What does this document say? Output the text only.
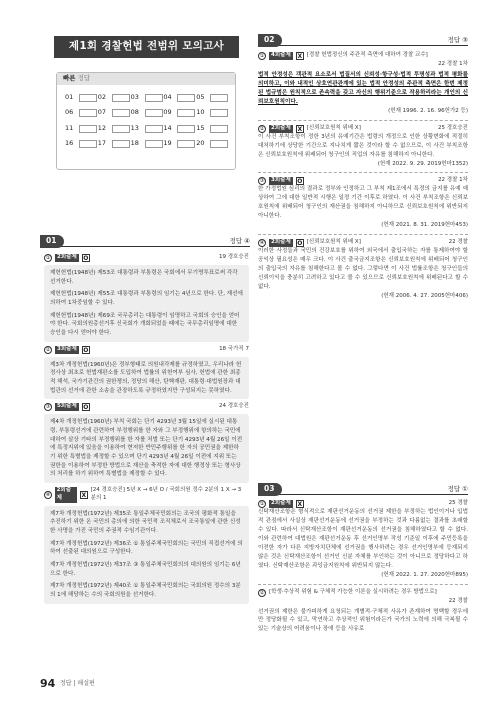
제1회 경찰헌법 전범위 모의고사
빠른 정답
01	02	03	04	05
06	07	08	09	10
11	12	13	14	15
16	17	18	19	20
01	정답 ④
①	2회출제	O	19 경호승진

제헌헌법(1948년) 제53조 대통령과 부통령은 국회에서 무기명투표로써 각각 선거한다.

제헌헌법(1948년) 제55조 대통령과 부통령의 임기는 4년으로 한다. 단, 재선에 의하여 1차중임할 수 있다.

제헌헌법(1948년) 제69조 국무총리는 대통령이 임명하고 국회의 승인을 얻어야 한다. 국회의원총선거후 신국회가 개회되었을 때에는 국무총리임명에 대한 승인을 다시 얻어야 한다.

②	3회출제	O	18 국가직 7

제3차 개정헌법(1960년)은 정부형태로 의원내각제를 규정하였고, 우리나라 헌정사상 최초로 헌법재판소를 도입하여 법률의 위헌여부 심사, 헌법에 관한 최종적 해석, 국가기관간의 권한쟁의, 정당의 해산, 탄핵재판, 대통령·대법원장과 대법관의 선거에 관한 소송을 관장하도록 규정하였지만 구성되지는 못하였다.

③	5회출제	O	24 경호승진

제4차 개정헌법(1960년) 부칙 국회는 단기 4293년 3월 15일에 실시된 대통령, 부통령선거에 관련하여 부정행위를 한 자와 그 부정행위에 항의하는 국민에 대하여 살상 기타의 부정행위를 한 자를 처벌 또는 단기 4293년 4월 26일 이전에 특정지위에 있음을 이용하여 현저한 반민주행위를 한 자의 공민권을 제한하기 위한 특별법을 제정할 수 있으며 단기 4293년 4월 26일 이전에 지위 또는 권한을 이용하여 부정한 방법으로 재산을 축적한 자에 대한 행정상 또는 형사상의 처리를 하기 위하여 특별법을 제정할 수 있다.

④
2회출제	X
[24 경호승진] 5년 X → 6년 O / 국회의원 정수 2분의 1 X → 3분의 1

제7차 개정헌법(1972년) 제35조 통일주체국민회의는 조국의 평화적 통일을 추진하기 위한 온 국민의 총의에 의한 국민적 조직체로서 조국통일에 관한 신성한 사명을 가진 국민의 주권적 수임기관이다.

제7차 개정헌법(1972년) 제36조 ① 통일주체국민회의는 국민의 직접선거에 의하여 선출된 대의원으로 구성한다.

제7차 개정헌법(1972년) 제37조 ③ 통일주체국민회의의 대의원의 임기는 6년으로 한다.

제7차 개정헌법(1972년) 제40조 ① 통일주체국민회의는 국회의원 정수의 3분의 1에 해당하는 수의 국회의원을 선거한다.

02	정답 ③
①	4회출제	X [경찰 헌법정신의 주관적 측면에 대하여 경찰 교수]
22 경찰 1차
법적 안정성은 객관적 요소로서 법질서의 신뢰성·항구성·법적 투명성과 법적 평화를 의미하고, 이와 내적인 상호연관관계에 있는 법적 안정성의 주관적 측면은 한번 제정된 법규범은 원칙적으로 존속력을 갖고 자신의 행위기준으로 작용하리라는 개인의 신뢰보호원칙이다.
(헌재 1996. 2. 16. 96헌가2 등)
②	2회출제	X [신뢰보호원칙 위배 X]	25 경호승진
이 사건 부칙조항이 정한 3년의 유예기간은 법령의 개정으로 인한 상황변화에 적절히 대처하기에 상당한 기간으로 지나치게 짧은 것이라 할 수 없으므로, 이 사건 부칙조항은 신뢰보호원칙에 위배되어 청구인의 직업의 자유를 침해하지 아니한다.
(헌재 2022. 9. 29. 2019헌마1352)
③	3회출제	O	22 경찰 1차
한 가정법원 심리의 결과로 정부와 인정하고 그 부칙 제1조에서 특정의 금지를 유예 예상하여 그에 대한 일반적 시행은 일정 기간 이후로 하였다. 이 사건 부칙조항은 신뢰보호원칙에 위배되어 청구인의 재산권을 침해하지 아니하므로 신뢰보호원칙에 위반되지 아니한다.
(헌재 2021. 8. 31. 2019헌마453)
④	2회출제	O [신뢰보호원칙 위배 X]	22 경찰
이러한 사정들과 국민의 건강보호를 위하여 외국에서 출입국하는 자를 통제하여야 할 공익상 필요성은 매우 크다. 이 사건 출국금지조항은 신뢰보호원칙에 위배되어 청구인의 출입국의 자유를 침해한다고 볼 수 없다. 그렇다면 이 사건 법률조항은 청구인들의 신뢰이익을 충분히 고려하고 있다고 볼 수 있으므로 신뢰보호원칙에 위배된다고 할 수 없다.
(헌재 2006. 4. 27. 2005헌마406)
03	정답 ①
①	2회출제	X	25 경찰
신탁재산조항은 형식적으로 재판선거운동의 선거권 제한을 부정하는 법인이거나 입법적 관점에서 사실상 재판선거운동에 선거권을 부정하는 것과 다름없는 결과를 초래할 수 있다. 따라서 신탁재산조항이 재판선거운동의 선거권을 침해하였다고 할 수 없다. 이와 관련하여 대법원은 재판선거운동 후 선거인명부 작성 기준일 이후에 주민등록을 이전한 자가 다른 지방자치단체에 선거권을 행사하려는 경우 선거인명부에 등재되지 않은 것은 신탁재산조항이 선거인 신분 자체를 부인하는 것이 아니므로 정당하다고 하였다. 신탁재산조항은 과잉금지원칙에 위반되지 않는다.
(헌재 2022. 1. 27. 2020헌마895)
② [학생·추상적 위험 & 구체적 가능한 이론을 실시하려는 경우 방법으로]
22 경찰
선거권의 제한은 불가피하게 요청되는 개별적·구체적 사유가 존재하여 명백할 경우에만 정당화될 수 있고, 막연하고 추상적인 위험이라든가 국가의 노력에 의해 극복될 수 있는 기술상의 어려움이나 장애 등을 사유로
94 정답 | 해설편
